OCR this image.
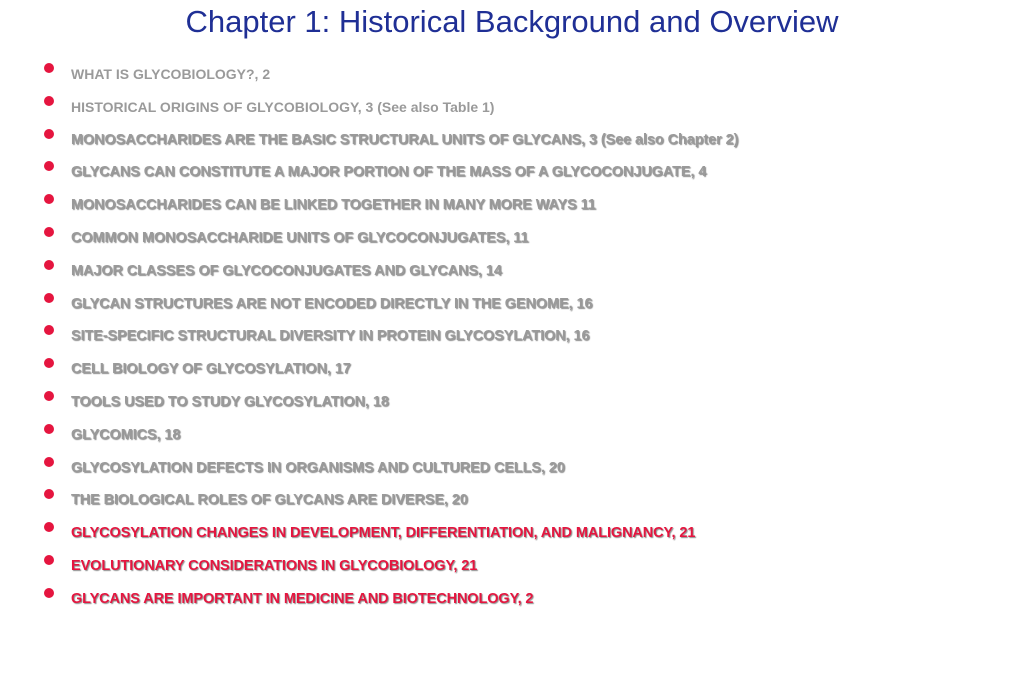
Chapter 1: Historical Background and Overview
WHAT IS GLYCOBIOLOGY?, 2
HISTORICAL ORIGINS OF GLYCOBIOLOGY, 3 (See also Table 1)
MONOSACCHARIDES ARE THE BASIC STRUCTURAL UNITS OF GLYCANS, 3 (See also Chapter 2)
GLYCANS CAN CONSTITUTE A MAJOR PORTION OF THE MASS OF A GLYCOCONJUGATE, 4
MONOSACCHARIDES CAN BE LINKED TOGETHER IN MANY MORE WAYS 11
COMMON MONOSACCHARIDE UNITS OF GLYCOCONJUGATES, 11
MAJOR CLASSES OF GLYCOCONJUGATES AND GLYCANS, 14
GLYCAN STRUCTURES ARE NOT ENCODED DIRECTLY IN THE GENOME, 16
SITE-SPECIFIC STRUCTURAL DIVERSITY IN PROTEIN GLYCOSYLATION, 16
CELL BIOLOGY OF GLYCOSYLATION, 17
TOOLS USED TO STUDY GLYCOSYLATION, 18
GLYCOMICS, 18
GLYCOSYLATION DEFECTS IN ORGANISMS AND CULTURED CELLS, 20
THE BIOLOGICAL ROLES OF GLYCANS ARE DIVERSE, 20
GLYCOSYLATION CHANGES IN DEVELOPMENT, DIFFERENTIATION, AND MALIGNANCY, 21
EVOLUTIONARY CONSIDERATIONS IN GLYCOBIOLOGY, 21
GLYCANS ARE IMPORTANT IN MEDICINE AND BIOTECHNOLOGY, 2
